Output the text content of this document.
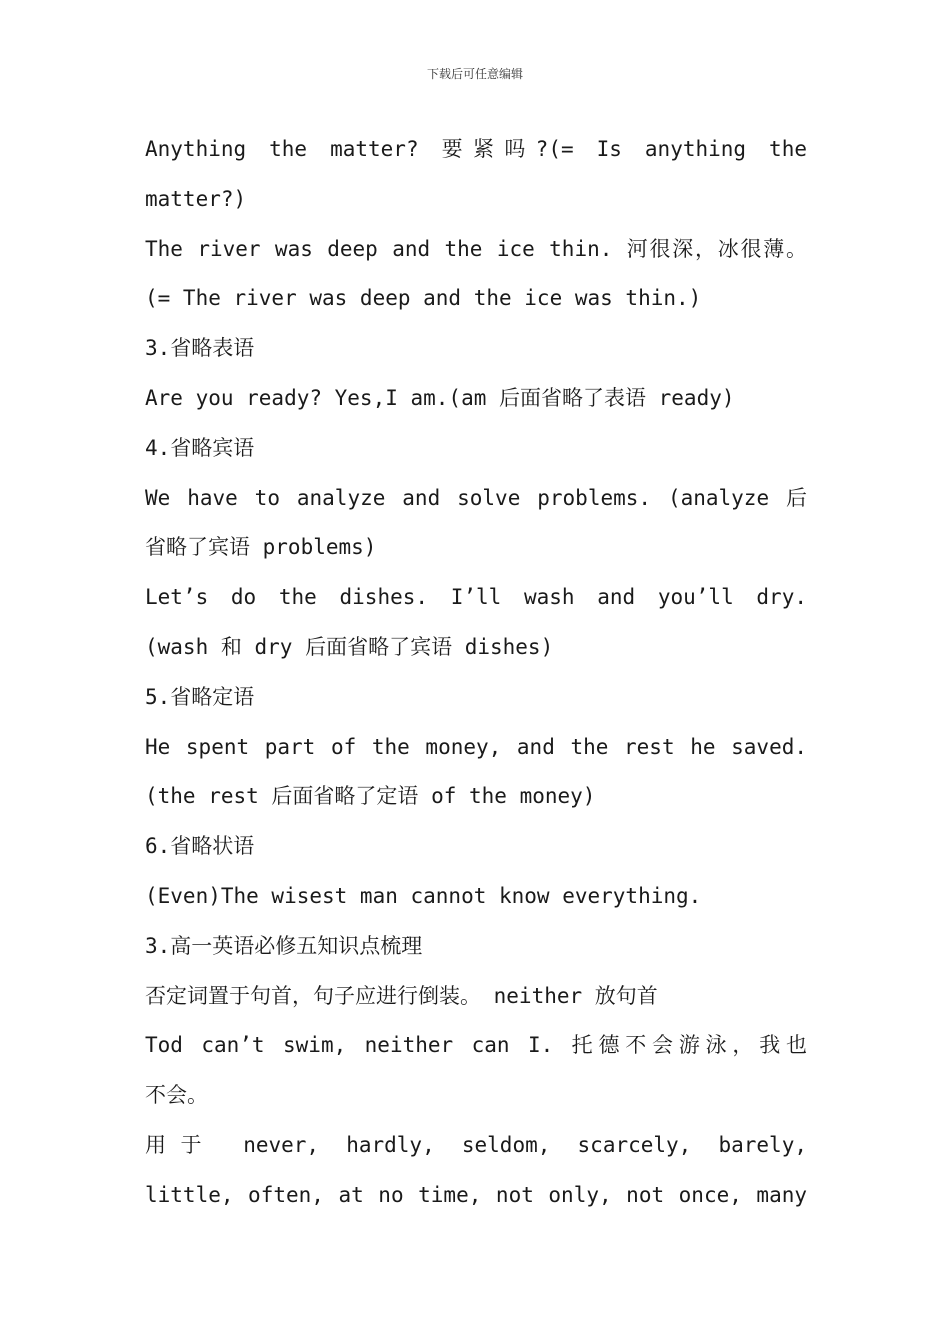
下载后可任意编辑
Anything the matter? 要紧吗?(= Is anything the
matter?)
The river was deep and the ice thin. 河很深，冰很薄。
(= The river was deep and the ice was thin.)
3.省略表语
Are you ready? Yes,I am.(am 后面省略了表语 ready)
4.省略宾语
We have to analyze and solve problems. (analyze 后
省略了宾语 problems)
Let’s do the dishes. I’ll wash and you’ll dry.
(wash 和 dry 后面省略了宾语 dishes)
5.省略定语
He spent part of the money, and the rest he saved.
(the rest 后面省略了定语 of the money)
6.省略状语
(Even)The wisest man cannot know everything.
3.高一英语必修五知识点梳理
否定词置于句首，句子应进行倒装。 neither 放句首
Tod can’t swim, neither can I. 托德不会游泳，我也
不会。
用于 never, hardly, seldom, scarcely, barely,
little, often, at no time, not only, not once, many
